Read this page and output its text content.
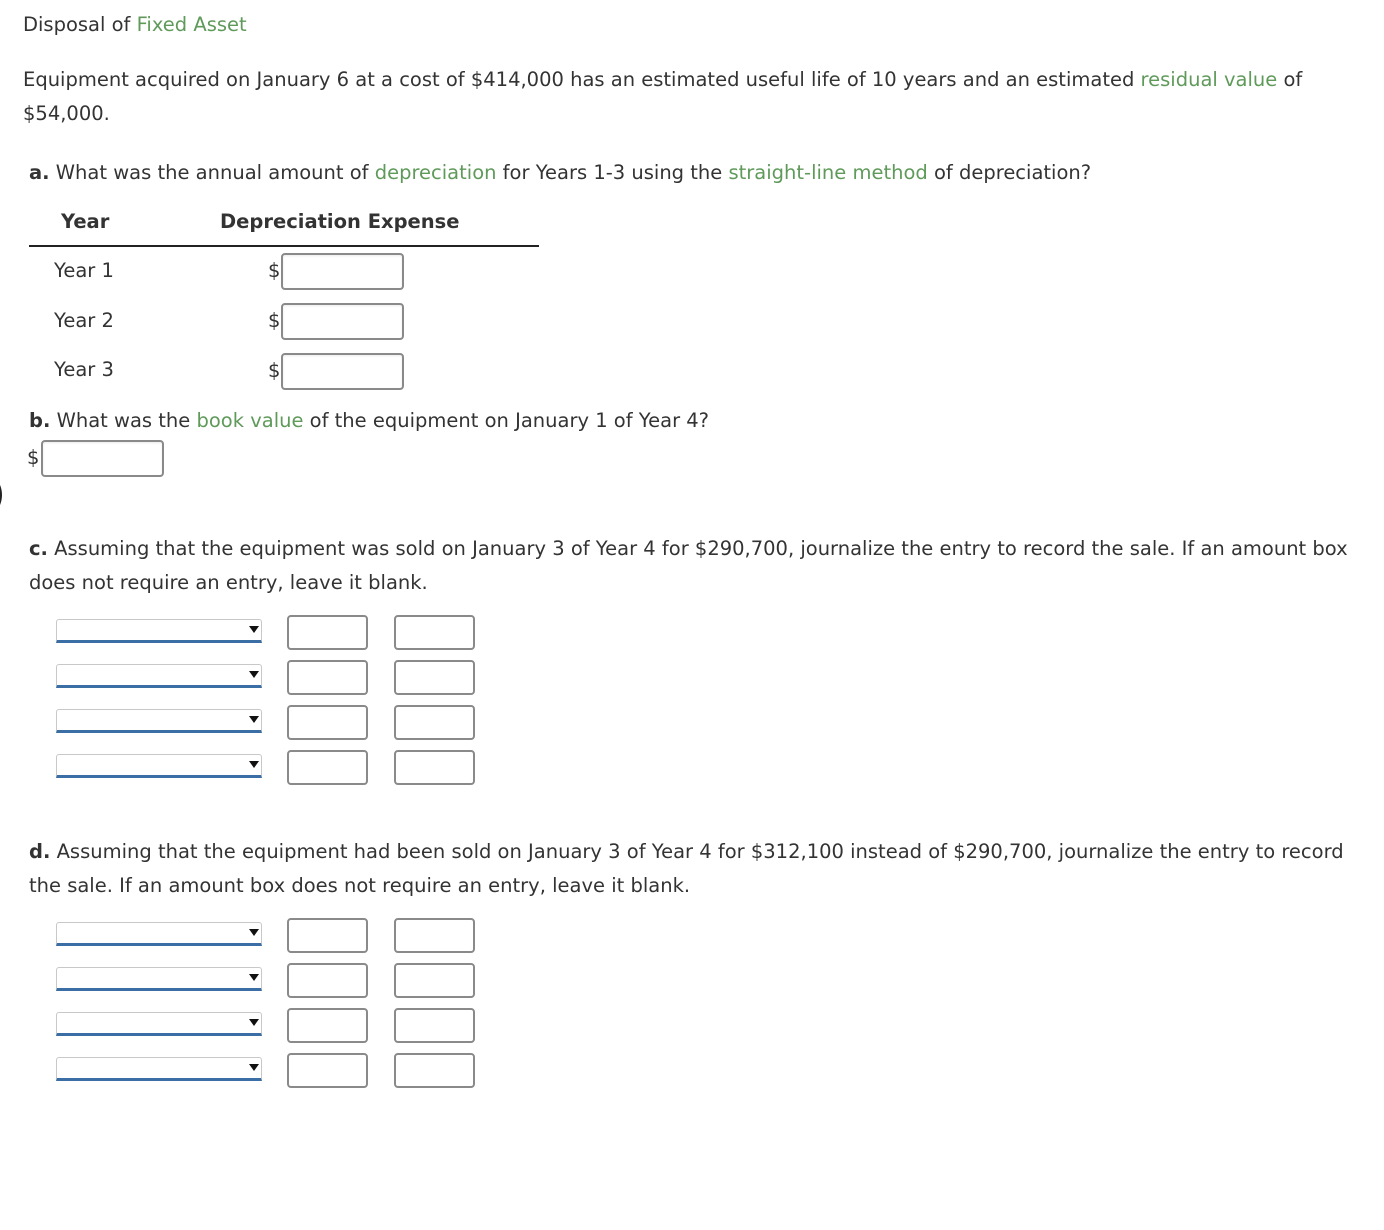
Disposal of Fixed Asset
Equipment acquired on January 6 at a cost of $414,000 has an estimated useful life of 10 years and an estimated residual value of $54,000.
a. What was the annual amount of depreciation for Years 1-3 using the straight-line method of depreciation?
Year	Depreciation Expense
Year 1	$
Year 2	$
Year 3	$
b. What was the book value of the equipment on January 1 of Year 4?
$
c. Assuming that the equipment was sold on January 3 of Year 4 for $290,700, journalize the entry to record the sale. If an amount box does not require an entry, leave it blank.
d. Assuming that the equipment had been sold on January 3 of Year 4 for $312,100 instead of $290,700, journalize the entry to record the sale. If an amount box does not require an entry, leave it blank.
